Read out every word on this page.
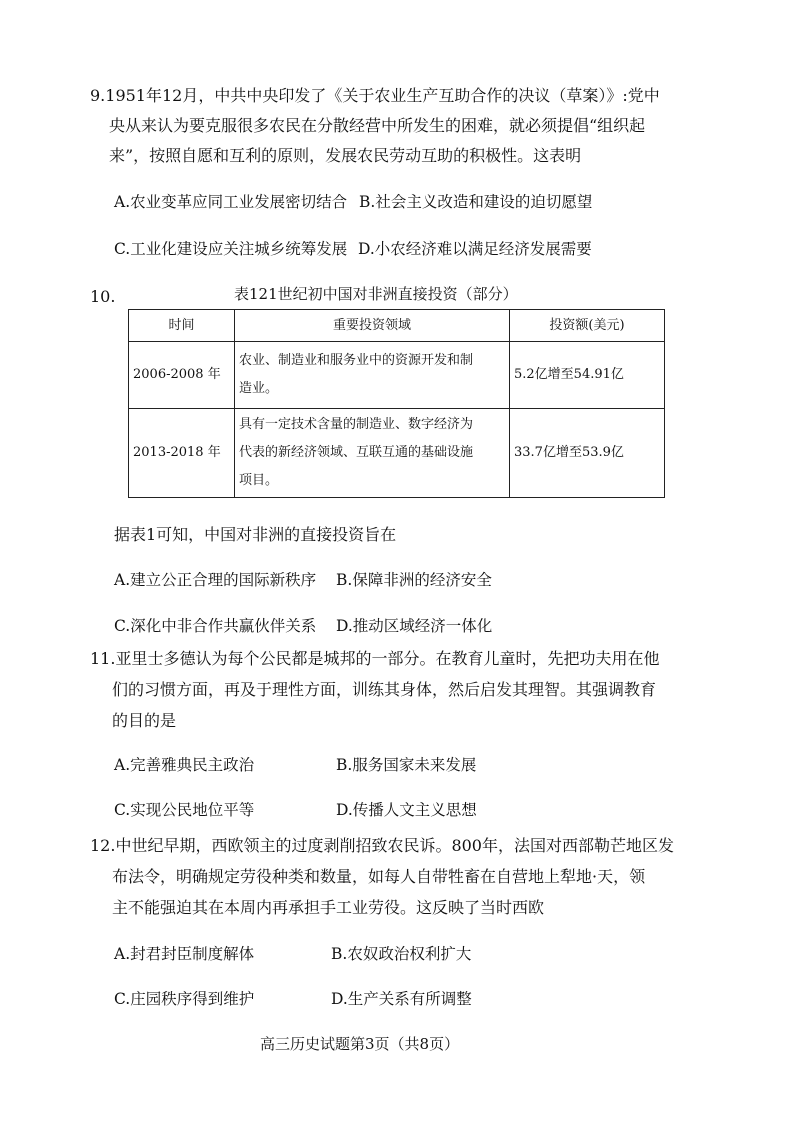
9.1951年12月，中共中央印发了《关于农业生产互助合作的决议（草案）》:党中
央从来认为要克服很多农民在分散经营中所发生的困难，就必须提倡“组织起
来”，按照自愿和互利的原则，发展农民劳动互助的积极性。这表明
A.农业变革应同工业发展密切结合 B.社会主义改造和建设的迫切愿望
C.工业化建设应关注城乡统筹发展 D.小农经济难以满足经济发展需要
10.	表121世纪初中国对非洲直接投资（部分）
时间	重要投资领域	投资额(美元)
2006-2008 年	农业、制造业和服务业中的资源开发和制
造业。	5.2亿增至54.91亿
2013-2018 年	具有一定技术含量的制造业、数字经济为
代表的新经济领域、互联互通的基础设施
项目。	33.7亿增至53.9亿
据表1可知，中国对非洲的直接投资旨在
A.建立公正合理的国际新秩序 B.保障非洲的经济安全
C.深化中非合作共赢伙伴关系 D.推动区域经济一体化
11.亚里士多德认为每个公民都是城邦的一部分。在教育儿童时，先把功夫用在他
们的习惯方面，再及于理性方面，训练其身体，然后启发其理智。其强调教育
的目的是
A.完善雅典民主政治	B.服务国家未来发展
C.实现公民地位平等	D.传播人文主义思想
12.中世纪早期，西欧领主的过度剥削招致农民诉。800年，法国对西部勒芒地区发
布法令，明确规定劳役种类和数量，如每人自带牲畜在自营地上犁地·天，领
主不能强迫其在本周内再承担手工业劳役。这反映了当时西欧
A.封君封臣制度解体	B.农奴政治权利扩大
C.庄园秩序得到维护	D.生产关系有所调整
高三历史试题第3页（共8页）
